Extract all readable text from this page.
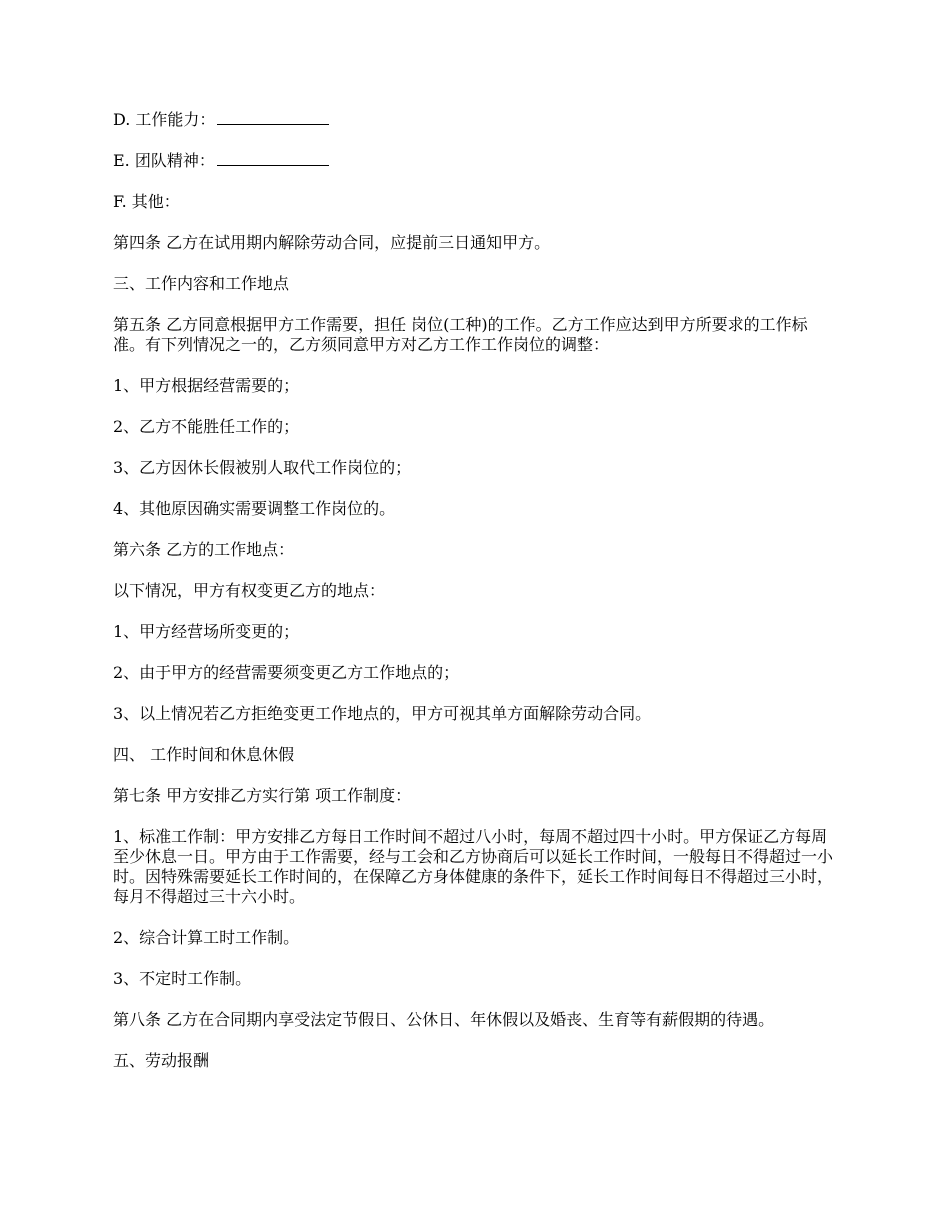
D. 工作能力：

E. 团队精神：

F. 其他：

第四条 乙方在试用期内解除劳动合同，应提前三日通知甲方。

三、工作内容和工作地点

第五条 乙方同意根据甲方工作需要，担任 岗位(工种)的工作。乙方工作应达到甲方所要求的工作标准。有下列情况之一的，乙方须同意甲方对乙方工作工作岗位的调整：

1、甲方根据经营需要的；

2、乙方不能胜任工作的；

3、乙方因休长假被别人取代工作岗位的；

4、其他原因确实需要调整工作岗位的。

第六条 乙方的工作地点：

以下情况，甲方有权变更乙方的地点：

1、甲方经营场所变更的；

2、由于甲方的经营需要须变更乙方工作地点的；

3、以上情况若乙方拒绝变更工作地点的，甲方可视其单方面解除劳动合同。

四、 工作时间和休息休假

第七条 甲方安排乙方实行第 项工作制度：

1、标准工作制：甲方安排乙方每日工作时间不超过八小时，每周不超过四十小时。甲方保证乙方每周至少休息一日。甲方由于工作需要，经与工会和乙方协商后可以延长工作时间，一般每日不得超过一小时。因特殊需要延长工作时间的，在保障乙方身体健康的条件下，延长工作时间每日不得超过三小时，每月不得超过三十六小时。

2、综合计算工时工作制。

3、不定时工作制。

第八条 乙方在合同期内享受法定节假日、公休日、年休假以及婚丧、生育等有薪假期的待遇。

五、劳动报酬
